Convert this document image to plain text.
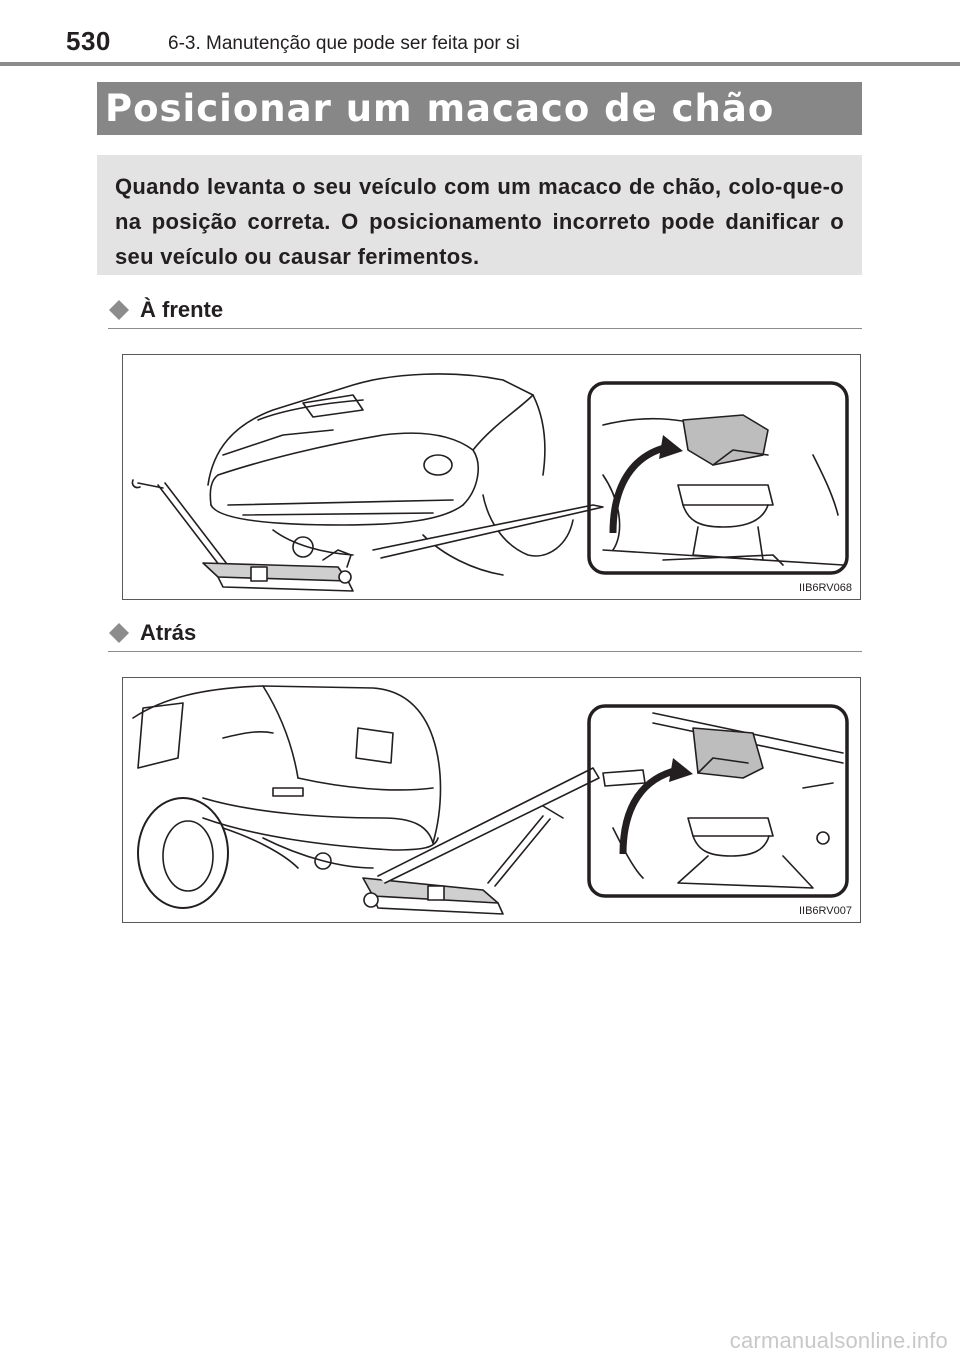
530	6-3. Manutenção que pode ser feita por si
Posicionar um macaco de chão
Quando levanta o seu veículo com um macaco de chão, colo-que-o na posição correta. O posicionamento incorreto pode danificar o seu veículo ou causar ferimentos.
À frente
IIB6RV068
Atrás
IIB6RV007
carmanualsonline.info
